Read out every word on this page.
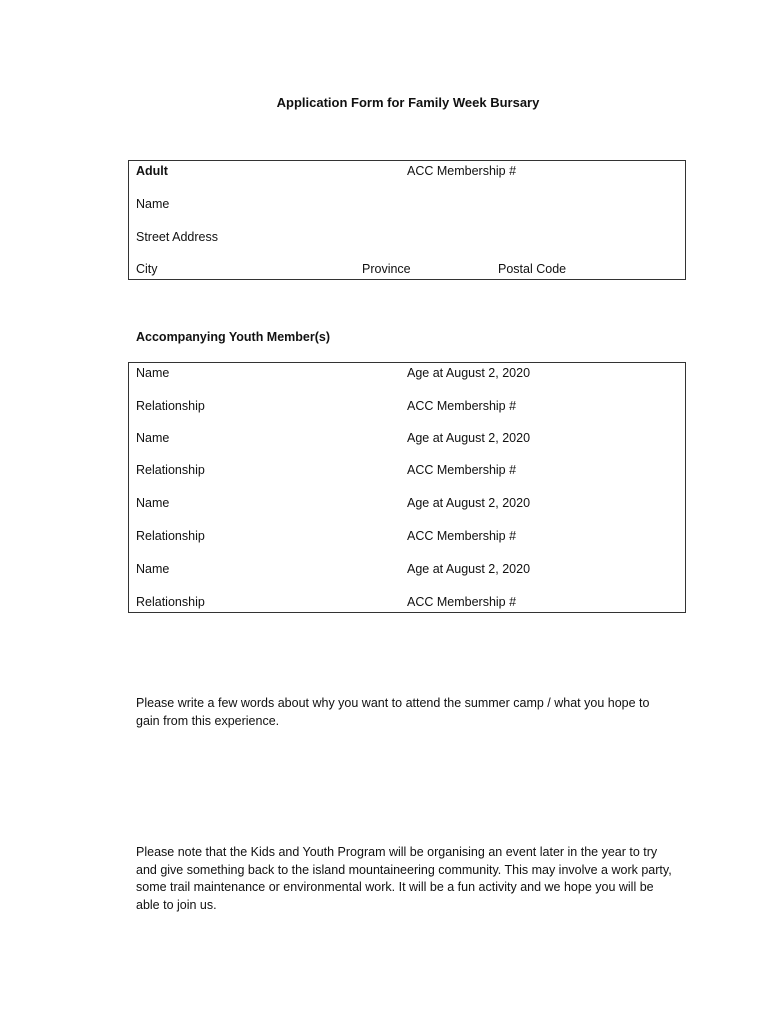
Application Form for Family Week Bursary
Adult	ACC Membership #
Name
Street Address
City	Province	Postal Code
Accompanying Youth Member(s)
Name	Age at August 2, 2020
Relationship	ACC Membership #
Name	Age at August 2, 2020
Relationship	ACC Membership #
Name	Age at August 2, 2020
Relationship	ACC Membership #
Name	Age at August 2, 2020
Relationship	ACC Membership #
Please write a few words about why you want to attend the summer camp / what you hope to gain from this experience.
Please note that the Kids and Youth Program will be organising an event later in the year to try and give something back to the island mountaineering community. This may involve a work party, some trail maintenance or environmental work. It will be a fun activity and we hope you will be able to join us.
